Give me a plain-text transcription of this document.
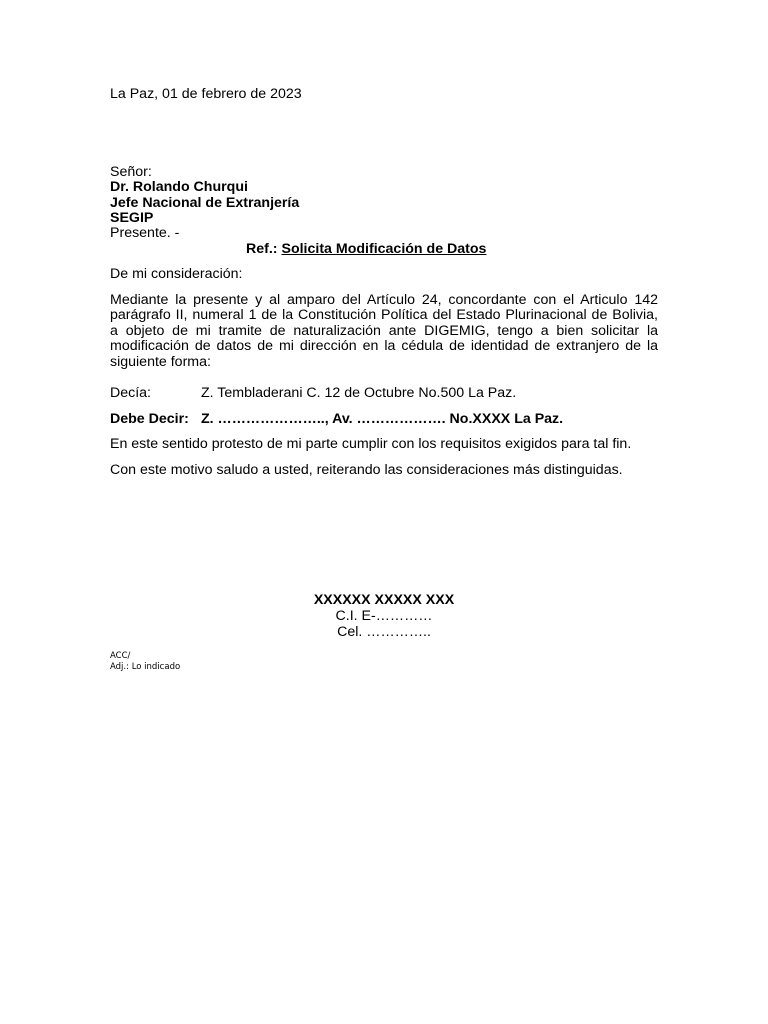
La Paz, 01 de febrero de 2023
Señor:
Dr. Rolando Churqui
Jefe Nacional de Extranjería
SEGIP
Presente. -
Ref.: Solicita Modificación de Datos
De mi consideración:
Mediante la presente y al amparo del Artículo 24, concordante con el Articulo 142 parágrafo II, numeral 1 de la Constitución Política del Estado Plurinacional de Bolivia, a objeto de mi tramite de naturalización ante DIGEMIG, tengo a bien solicitar la modificación de datos de mi dirección en la cédula de identidad de extranjero de la siguiente forma:
Decía:	Z. Tembladerani C. 12 de Octubre No.500 La Paz.
Debe Decir: Z. ………………….., Av. ………………. No.XXXX La Paz.
En este sentido protesto de mi parte cumplir con los requisitos exigidos para tal fin.
Con este motivo saludo a usted, reiterando las consideraciones más distinguidas.
XXXXXX XXXXX XXX
C.I. E-…………
Cel. …………..
ACC/
Adj.: Lo indicado
